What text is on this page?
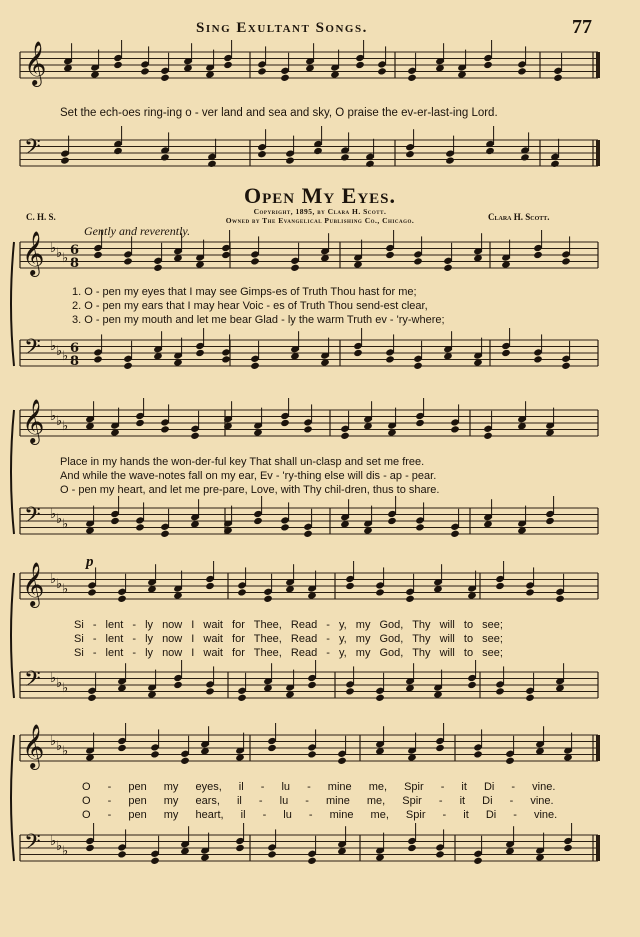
Sing Exultant Songs.	77
Set the ech-oes ring-ing o - ver land and sea and sky, O praise the ev-er-last-ing Lord.
Open My Eyes.
Copyright, 1895, by Clara H. Scott.
Owned by The Evangelical Publishing Co., Chicago.
C. H. S.	Clara H. Scott.
Gently and reverently.
p
1. O - pen my eyes that I may see Gimps-es of Truth Thou hast for me;
2. O - pen my ears that I may hear Voic - es of Truth Thou send-est clear,
3. O - pen my mouth and let me bear Glad - ly the warm Truth ev - 'ry-where;
Place in my hands the won-der-ful key That shall un-clasp and set me free.
And while the wave-notes fall on my ear, Ev - 'ry-thing else will dis - ap - pear.
O - pen my heart, and let me pre-pare, Love, with Thy chil-dren, thus to share.
Si - lent - ly now I wait for Thee, Read - y, my God, Thy will to see;
Si - lent - ly now I wait for Thee, Read - y, my God, Thy will to see;
Si - lent - ly now I wait for Thee, Read - y, my God, Thy will to see;
O - pen my eyes, il - lu - mine me, Spir - it Di - vine.
O - pen my ears, il - lu - mine me, Spir - it Di - vine.
O - pen my heart, il - lu - mine me, Spir - it Di - vine.
𝄞
𝄢
𝄞
𝄢
♭
♭
♭
♭
♭
♭
6
8
6
8
𝄞
𝄢
♭
♭
♭
♭
♭
♭
𝄞
𝄢
♭
♭
♭
♭
♭
♭
𝄞
𝄢
♭
♭
♭
♭
♭
♭
